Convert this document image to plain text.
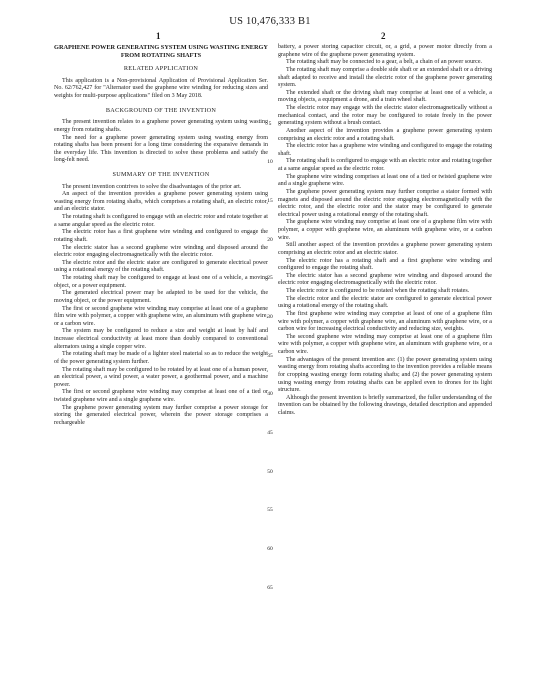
US 10,476,333 B1
1	2
GRAPHENE POWER GENERATING SYSTEM USING WASTING ENERGY FROM ROTATING SHAFTS
RELATED APPLICATION

This application is a Non-provisional Application of Provisional Application Ser. No. 62/762,427 for "Alternator used the graphene wire winding for reducing sizes and weights for multi-purpose applications" filed on 3 May 2018.

BACKGROUND OF THE INVENTION

The present invention relates to a graphene power generating system using wasting energy from rotating shafts.

The need for a graphene power generating system using wasting energy from rotating shafts has been present for a long time considering the expansive demands in the everyday life. This invention is directed to solve these problems and satisfy the long-felt need.

SUMMARY OF THE INVENTION

The present invention contrives to solve the disadvantages of the prior art.

An aspect of the invention provides a graphene power generating system using wasting energy from rotating shafts, which comprises a rotating shaft, an electric rotor, and an electric stator.

The rotating shaft is configured to engage with an electric rotor and rotate together at a same angular speed as the electric rotor.

The electric rotor has a first graphene wire winding and configured to engage the rotating shaft.

The electric stator has a second graphene wire winding and disposed around the electric rotor engaging electromagnetically with the electric rotor.

The electric rotor and the electric stator are configured to generate electrical power using a rotational energy of the rotating shaft.

The rotating shaft may be configured to engage at least one of a vehicle, a moving object, or a power equipment.

The generated electrical power may be adapted to be used for the vehicle, the moving object, or the power equipment.

The first or second graphene wire winding may comprise at least one of a graphene film wire with polymer, a copper with graphene wire, an aluminum with graphene wire, or a carbon wire.

The system may be configured to reduce a size and weight at least by half and increase electrical conductivity at least more than doubly compared to conventional alternators using a single copper wire.

The rotating shaft may be made of a lighter steel material so as to reduce the weight of the power generating system further.

The rotating shaft may be configured to be rotated by at least one of a human power, an electrical power, a wind power, a water power, a geothermal power, and a machine power.

The first or second graphene wire winding may comprise at least one of a tied or twisted graphene wire and a single graphene wire.

The graphene power generating system may further comprise a power storage for storing the generated electrical power, wherein the power storage comprises a rechargeable

battery, a power storing capacitor circuit, or, a grid, a power motor directly from a graphene wire of the graphene power generating system.

The rotating shaft may be connected to a gear, a belt, a chain of an power source.

The rotating shaft may comprise a double side shaft or an extended shaft or a driving shaft adapted to receive and install the electric rotor of the graphene power generating system.

The extended shaft or the driving shaft may comprise at least one of a vehicle, a moving objects, a equipment a drone, and a train wheel shaft.

The electric rotor may engage with the electric stator electromagnetically without a mechanical contact, and the rotor may be configured to rotate freely in the power generating system without a brush contact.

Another aspect of the invention provides a graphene power generating system comprising an electric rotor and a rotating shaft.

The electric rotor has a graphene wire winding and configured to engage the rotating shaft.

The rotating shaft is configured to engage with an electric rotor and rotating together at a same angular speed as the electric rotor.

The graphene wire winding comprises at least one of a tied or twisted graphene wire and a single graphene wire.

The graphene power generating system may further comprise a stator formed with magnets and disposed around the electric rotor engaging electromagnetically with the electric rotor, and the electric rotor and the stator may be configured to generate electrical power using a rotational energy of the rotating shaft.

The graphene wire winding may comprise at least one of a graphene film wire with polymer, a copper with graphene wire, an aluminum with graphene wire, or a carbon wire.

Still another aspect of the invention provides a graphene power generating system comprising an electric rotor and an electric stator.

The electric rotor has a rotating shaft and a first graphene wire winding and configured to engage the rotating shaft.

The electric stator has a second graphene wire winding and disposed around the electric rotor engaging electromagnetically with the electric rotor.

The electric rotor is configured to be rotated when the rotating shaft rotates.

The electric rotor and the electric stator are configured to generate electrical power using a rotational energy of the rotating shaft.

The first graphene wire winding may comprise at least of one of a graphene film wire with polymer, a copper with graphene wire, an aluminum with graphene wire, or a carbon wire for increasing electrical conductivity and reducing size, weights.

The second graphene wire winding may comprise at least one of a graphene film wire with polymer, a copper with graphene wire, an aluminum with graphene wire, or a carbon wire.

The advantages of the present invention are: (1) the power generating system using wasting energy from rotating shafts according to the invention provides a reliable means for cropping wasting energy form rotating shafts; and (2) the power generating system using wasting energy from rotating shafts can be applied even to drones for its light structure.

Although the present invention is briefly summarized, the fuller understanding of the invention can be obtained by the following drawings, detailed description and appended claims.

5
10
15
20
25
30
35
40
45
50
55
60
65
